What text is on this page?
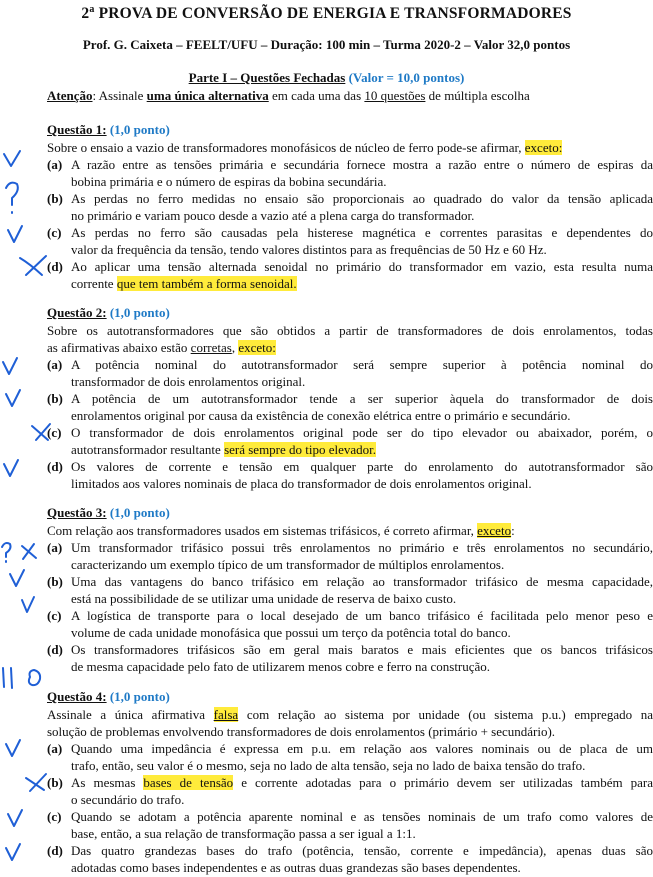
2$^a$ PROVA DE CONVERSÃO DE ENERGIA E TRANSFORMADORES
Prof. G. Caixeta – FEELT/UFU – Duração: 100 min – Turma 2020-2 – Valor 32,0 pontos
Parte I – Questões Fechadas (Valor = 10,0 pontos)
Atenção: Assinale uma única alternativa em cada uma das 10 questões de múltipla escolha
Questão 1: (1,0 ponto)
Sobre o ensaio a vazio de transformadores monofásicos de núcleo de ferro pode-se afirmar, exceto:
(a) A razão entre as tensões primária e secundária fornece mostra a razão entre o número de espiras da
bobina primária e o número de espiras da bobina secundária.
(b) As perdas no ferro medidas no ensaio são proporcionais ao quadrado do valor da tensão aplicada
no primário e variam pouco desde a vazio até a plena carga do transformador.
(c) As perdas no ferro são causadas pela histerese magnética e correntes parasitas e dependentes do
valor da frequência da tensão, tendo valores distintos para as frequências de 50 Hz e 60 Hz.
(d) Ao aplicar uma tensão alternada senoidal no primário do transformador em vazio, esta resulta numa
corrente que tem também a forma senoidal.
Questão 2: (1,0 ponto)
Sobre os autotransformadores que são obtidos a partir de transformadores de dois enrolamentos, todas
as afirmativas abaixo estão corretas, exceto:
(a) A potência nominal do autotransformador será sempre superior à potência nominal do
transformador de dois enrolamentos original.
(b) A potência de um autotransformador tende a ser superior àquela do transformador de dois
enrolamentos original por causa da existência de conexão elétrica entre o primário e secundário.
(c) O transformador de dois enrolamentos original pode ser do tipo elevador ou abaixador, porém, o
autotransformador resultante será sempre do tipo elevador.
(d) Os valores de corrente e tensão em qualquer parte do enrolamento do autotransformador são
limitados aos valores nominais de placa do transformador de dois enrolamentos original.
Questão 3: (1,0 ponto)
Com relação aos transformadores usados em sistemas trifásicos, é correto afirmar, exceto:
(a) Um transformador trifásico possui três enrolamentos no primário e três enrolamentos no secundário,
caracterizando um exemplo típico de um transformador de múltiplos enrolamentos.
(b) Uma das vantagens do banco trifásico em relação ao transformador trifásico de mesma capacidade,
está na possibilidade de se utilizar uma unidade de reserva de baixo custo.
(c) A logística de transporte para o local desejado de um banco trifásico é facilitada pelo menor peso e
volume de cada unidade monofásica que possui um terço da potência total do banco.
(d) Os transformadores trifásicos são em geral mais baratos e mais eficientes que os bancos trifásicos
de mesma capacidade pelo fato de utilizarem menos cobre e ferro na construção.
Questão 4: (1,0 ponto)
Assinale a única afirmativa falsa com relação ao sistema por unidade (ou sistema p.u.) empregado na
solução de problemas envolvendo transformadores de dois enrolamentos (primário + secundário).
(a) Quando uma impedância é expressa em p.u. em relação aos valores nominais ou de placa de um
trafo, então, seu valor é o mesmo, seja no lado de alta tensão, seja no lado de baixa tensão do trafo.
(b) As mesmas bases de tensão e corrente adotadas para o primário devem ser utilizadas também para
o secundário do trafo.
(c) Quando se adotam a potência aparente nominal e as tensões nominais de um trafo como valores de
base, então, a sua relação de transformação passa a ser igual a 1:1.
(d) Das quatro grandezas bases do trafo (potência, tensão, corrente e impedância), apenas duas são
adotadas como bases independentes e as outras duas grandezas são bases dependentes.
